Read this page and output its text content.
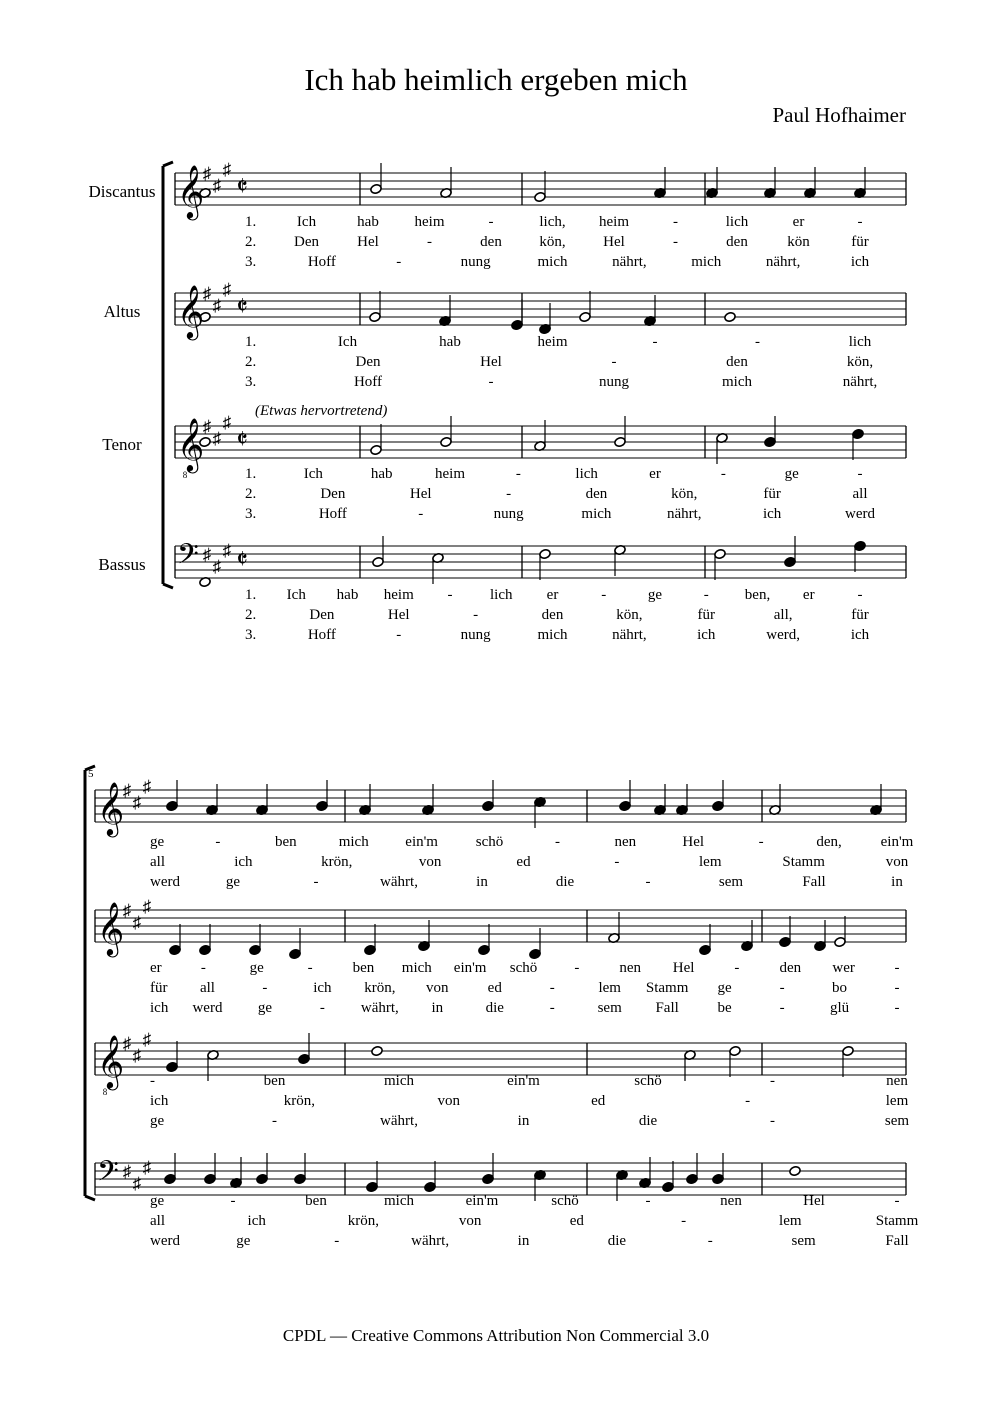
Ich hab heimlich ergeben mich
Paul Hofhaimer
𝄞
♯
♯
♯
𝄵
Discantus
1.	Ich	hab heim	-	lich, heim	-	lich	er	-
2.	Den	Hel	-	den	kön,	Hel	-	den	kön	für
3.	Hoff	-	nung	mich	nährt,	mich	nährt,	ich
𝄞
♯
♯
♯
𝄵
Altus
1.	Ich	hab	heim	-	-	lich
2.	Den	Hel	-	den	kön,
3.	Hoff	-	nung	mich	nährt,
𝄞
8
♯
♯
♯
𝄵
Tenor
(Etwas hervortretend)
1.	Ich	hab	heim	-	lich	er	-	ge	-
2.	Den	Hel	-	den	kön,	für	all
3.	Hoff	-	nung	mich	nährt,	ich	werd
𝄢 ♯
♯
♯ 𝄵
Bassus
1. Ich hab heim -	lich er	-	ge	- ben, er	-
2.	Den	Hel	-	den	kön,	für	all,	für
3.	Hoff	-	nung	mich	nährt,	ich	werd,	ich
5
𝄞
♯
♯
♯
ge	-	ben	mich ein'm	schö	-	nen	Hel	-	den,	ein'm
all	ich	krön,	von	ed	-	lem	Stamm	von
werd	ge	-	währt,	in	die	-	sem	Fall	in
𝄞
♯
♯
♯
er	-	ge	-	ben mich ein'm schö -	nen Hel	-	den wer	-
für all	-	ich krön, von	ed	-	lem Stamm ge	-	bo	-
ich werd ge	- währt, in	die	-	sem Fall	be	-	glü	-
𝄞
8
♯
♯
♯
-	ben	mich	ein'm	schö	-	nen
ich	krön,	von	ed	-	lem
ge	-	währt,	in	die	-	sem
𝄢 ♯
♯
♯
ge	-	ben	mich	ein'm	schö	-	nen	Hel	-
all	ich	krön,	von	ed	-	lem	Stamm
werd	ge	-	währt,	in	die	-	sem	Fall
CPDL — Creative Commons Attribution Non Commercial 3.0
